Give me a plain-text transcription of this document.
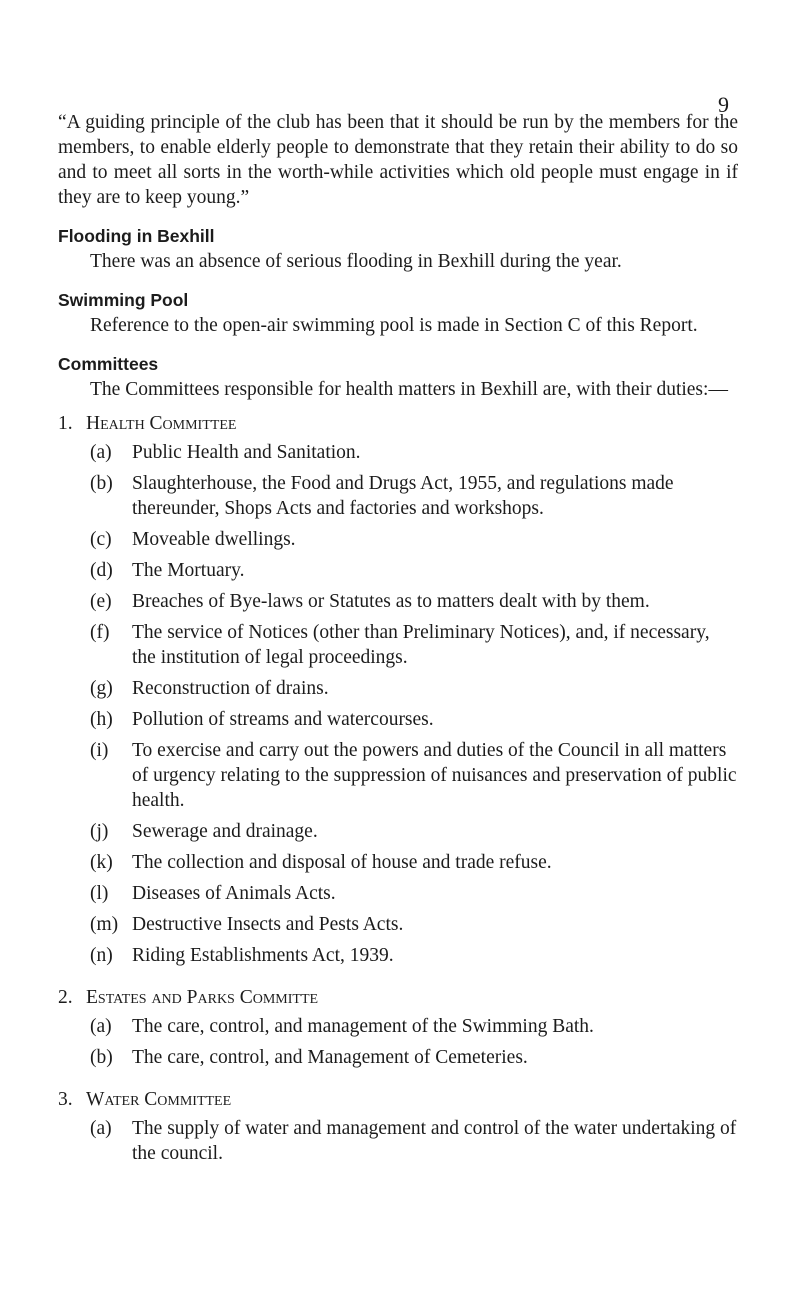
9

“A guiding principle of the club has been that it should be run by the members for the members, to enable elderly people to demonstrate that they retain their ability to do so and to meet all sorts in the worth-while activities which old people must engage in if they are to keep young.”

Flooding in Bexhill

There was an absence of serious flooding in Bexhill during the year.

Swimming Pool

Reference to the open-air swimming pool is made in Section C of this Report.

Committees

The Committees responsible for health matters in Bexhill are, with their duties:—

1. Health Committee
(a)	Public Health and Sanitation.
(b) Slaughterhouse, the Food and Drugs Act, 1955, and regulations made thereunder, Shops Acts and factories and workshops.
(c)	Moveable dwellings.
(d) The Mortuary.
(e)	Breaches of Bye-laws or Statutes as to matters dealt with by them.
(f)	The service of Notices (other than Preliminary Notices), and, if necessary, the institution of legal proceedings.
(g) Reconstruction of drains.
(h) Pollution of streams and watercourses.
(i)	To exercise and carry out the powers and duties of the Council in all matters of urgency relating to the suppression of nuisances and preservation of public health.
(j)	Sewerage and drainage.
(k) The collection and disposal of house and trade refuse.
(l)	Diseases of Animals Acts.
(m) Destructive Insects and Pests Acts.
(n) Riding Establishments Act, 1939.
2. Estates and Parks Committe
(a)	The care, control, and management of the Swimming Bath.
(b) The care, control, and Management of Cemeteries.
3. Water Committee
(a)	The supply of water and management and control of the water undertaking of the council.
